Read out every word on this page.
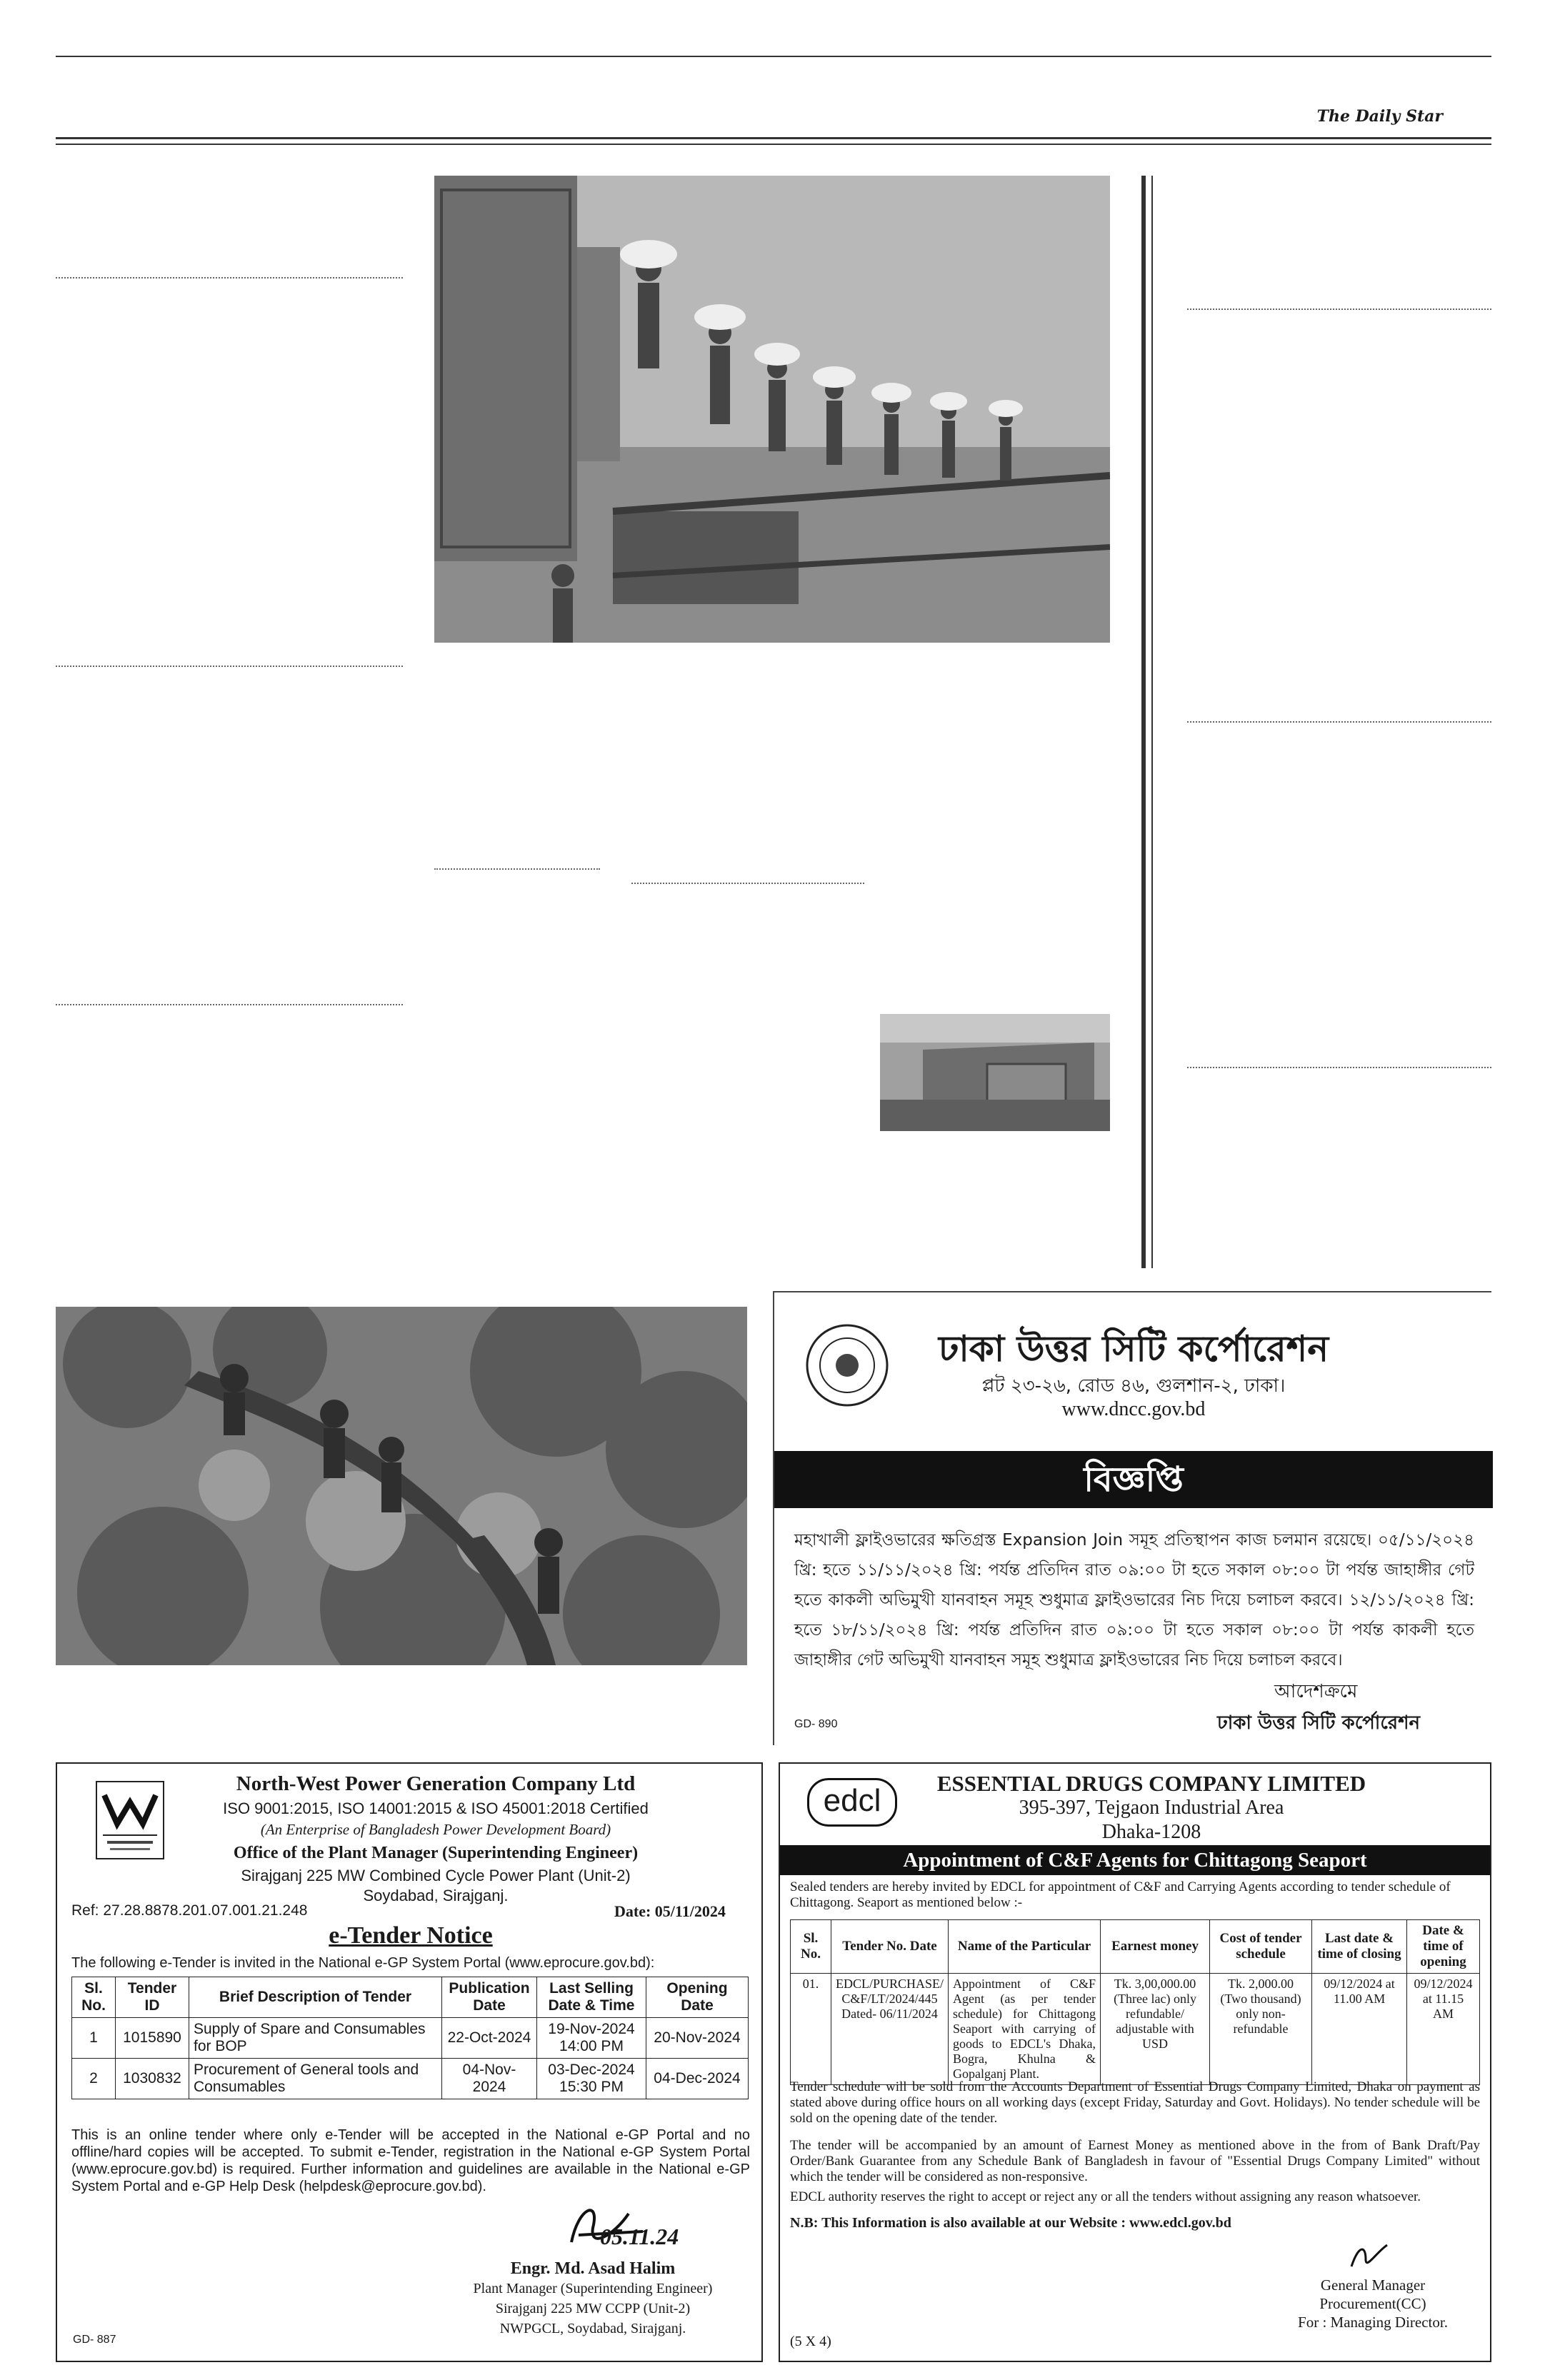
The Daily Star
ঢাকা উত্তর সিটি কর্পোরেশন
প্লট ২৩-২৬, রোড ৪৬, গুলশান-২, ঢাকা।
www.dncc.gov.bd
বিজ্ঞপ্তি
মহাখালী ফ্লাইওভারের ক্ষতিগ্রস্ত Expansion Join সমূহ প্রতিস্থাপন কাজ চলমান রয়েছে। ০৫/১১/২০২৪ খ্রি: হতে ১১/১১/২০২৪ খ্রি: পর্যন্ত প্রতিদিন রাত ০৯:০০ টা হতে সকাল ০৮:০০ টা পর্যন্ত জাহাঙ্গীর গেট হতে কাকলী অভিমুখী যানবাহন সমূহ শুধুমাত্র ফ্লাইওভারের নিচ দিয়ে চলাচল করবে। ১২/১১/২০২৪ খ্রি: হতে ১৮/১১/২০২৪ খ্রি: পর্যন্ত প্রতিদিন রাত ০৯:০০ টা হতে সকাল ০৮:০০ টা পর্যন্ত কাকলী হতে জাহাঙ্গীর গেট অভিমুখী যানবাহন সমূহ শুধুমাত্র ফ্লাইওভারের নিচ দিয়ে চলাচল করবে।
আদেশক্রমে
ঢাকা উত্তর সিটি কর্পোরেশন
GD- 890
North-West Power Generation Company Ltd
ISO 9001:2015, ISO 14001:2015 & ISO 45001:2018 Certified
(An Enterprise of Bangladesh Power Development Board)
Office of the Plant Manager (Superintending Engineer)
Sirajganj 225 MW Combined Cycle Power Plant (Unit-2)
Soydabad, Sirajganj.
Ref: 27.28.8878.201.07.001.21.248	Date: 05/11/2024
e-Tender Notice
The following e-Tender is invited in the National e-GP System Portal (www.eprocure.gov.bd):
Sl. No.	Tender ID	Brief Description of Tender	Publication Date	Last Selling Date & Time	Opening Date
1	1015890	Supply of Spare and Consumables for BOP	22-Oct-2024	19-Nov-2024 14:00 PM	20-Nov-2024
2	1030832	Procurement of General tools and Consumables	04-Nov-2024	03-Dec-2024 15:30 PM	04-Dec-2024
This is an online tender where only e-Tender will be accepted in the National e-GP Portal and no offline/hard copies will be accepted. To submit e-Tender, registration in the National e-GP System Portal (www.eprocure.gov.bd) is required. Further information and guidelines are available in the National e-GP System Portal and e-GP Help Desk (helpdesk@eprocure.gov.bd).
05.11.24
Engr. Md. Asad Halim
Plant Manager (Superintending Engineer)
Sirajganj 225 MW CCPP (Unit-2)
NWPGCL, Soydabad, Sirajganj.
GD- 887
edcl	ESSENTIAL DRUGS COMPANY LIMITED
395-397, Tejgaon Industrial Area
Dhaka-1208
Appointment of C&F Agents for Chittagong Seaport
Sealed tenders are hereby invited by EDCL for appointment of C&F and Carrying Agents according to tender schedule of Chittagong. Seaport as mentioned below :-
Sl. No.	Tender No. Date	Name of the Particular	Earnest money	Cost of tender schedule	Last date & time of closing	Date & time of opening
01.	EDCL/PURCHASE/ C&F/LT/2024/445 Dated- 06/11/2024	Appointment of C&F Agent (as per tender schedule) for Chittagong Seaport with carrying of goods to EDCL's Dhaka, Bogra, Khulna & Gopalganj Plant.	Tk. 3,00,000.00 (Three lac) only refundable/ adjustable with USD	Tk. 2,000.00 (Two thousand) only non-refundable	09/12/2024 at 11.00 AM	09/12/2024 at 11.15 AM
Tender schedule will be sold from the Accounts Department of Essential Drugs Company Limited, Dhaka on payment as stated above during office hours on all working days (except Friday, Saturday and Govt. Holidays). No tender schedule will be sold on the opening date of the tender.
The tender will be accompanied by an amount of Earnest Money as mentioned above in the from of Bank Draft/Pay Order/Bank Guarantee from any Schedule Bank of Bangladesh in favour of "Essential Drugs Company Limited" without which the tender will be considered as non-responsive.
EDCL authority reserves the right to accept or reject any or all the tenders without assigning any reason whatsoever.
N.B: This Information is also available at our Website : www.edcl.gov.bd
General Manager
Procurement(CC)
For : Managing Director.
(5 X 4)
